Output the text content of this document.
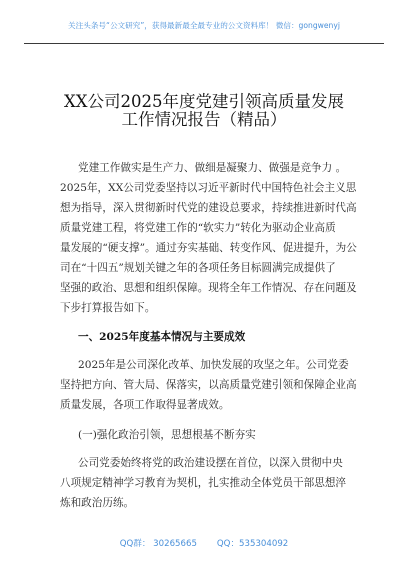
关注头条号“公文研究”，获得最新最全最专业的公文资料库！ 微信：gongwenyj
XX公司2025年度党建引领高质量发展
工作情况报告（精品）
党建工作做实是生产力、做细是凝聚力、做强是竞争力 。
2025年，XX公司党委坚持以习近平新时代中国特色社会主义思
想为指导，深入贯彻新时代党的建设总要求，持续推进新时代高
质量党建工程，将党建工作的“软实力”转化为驱动企业高质
量发展的“硬支撑”。通过夯实基础、转变作风、促进提升，为公
司在“十四五”规划关键之年的各项任务目标圆满完成提供了
坚强的政治、思想和组织保障。现将全年工作情况、存在问题及
下步打算报告如下。
一、2025年度基本情况与主要成效
2025年是公司深化改革、加快发展的攻坚之年。公司党委
坚持把方向、管大局、保落实，以高质量党建引领和保障企业高
质量发展，各项工作取得显著成效。
(一)强化政治引领，思想根基不断夯实
公司党委始终将党的政治建设摆在首位，以深入贯彻中央
八项规定精神学习教育为契机，扎实推动全体党员干部思想淬
炼和政治历练。
QQ群： 30265665 QQ：535304092
